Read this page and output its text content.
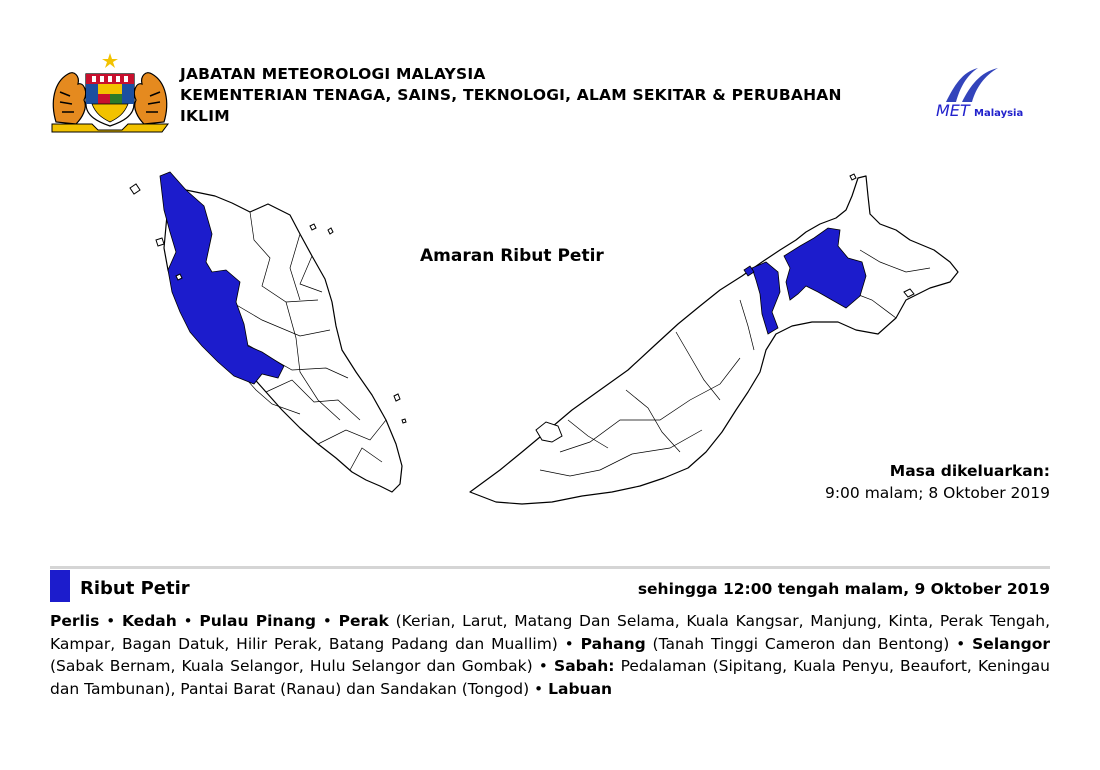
JABATAN METEOROLOGI MALAYSIA
KEMENTERIAN TENAGA, SAINS, TEKNOLOGI, ALAM SEKITAR & PERUBAHAN
IKLIM	MET Malaysia
Amaran Ribut Petir
Masa dikeluarkan:
9:00 malam; 8 Oktober 2019
Ribut Petir	sehingga 12:00 tengah malam, 9 Oktober 2019
Perlis • Kedah • Pulau Pinang • Perak (Kerian, Larut, Matang Dan Selama, Kuala Kangsar, Manjung, Kinta, Perak Tengah, Kampar, Bagan Datuk, Hilir Perak, Batang Padang dan Muallim) • Pahang (Tanah Tinggi Cameron dan Bentong) • Selangor (Sabak Bernam, Kuala Selangor, Hulu Selangor dan Gombak) • Sabah: Pedalaman (Sipitang, Kuala Penyu, Beaufort, Keningau dan Tambunan), Pantai Barat (Ranau) dan Sandakan (Tongod) • Labuan
